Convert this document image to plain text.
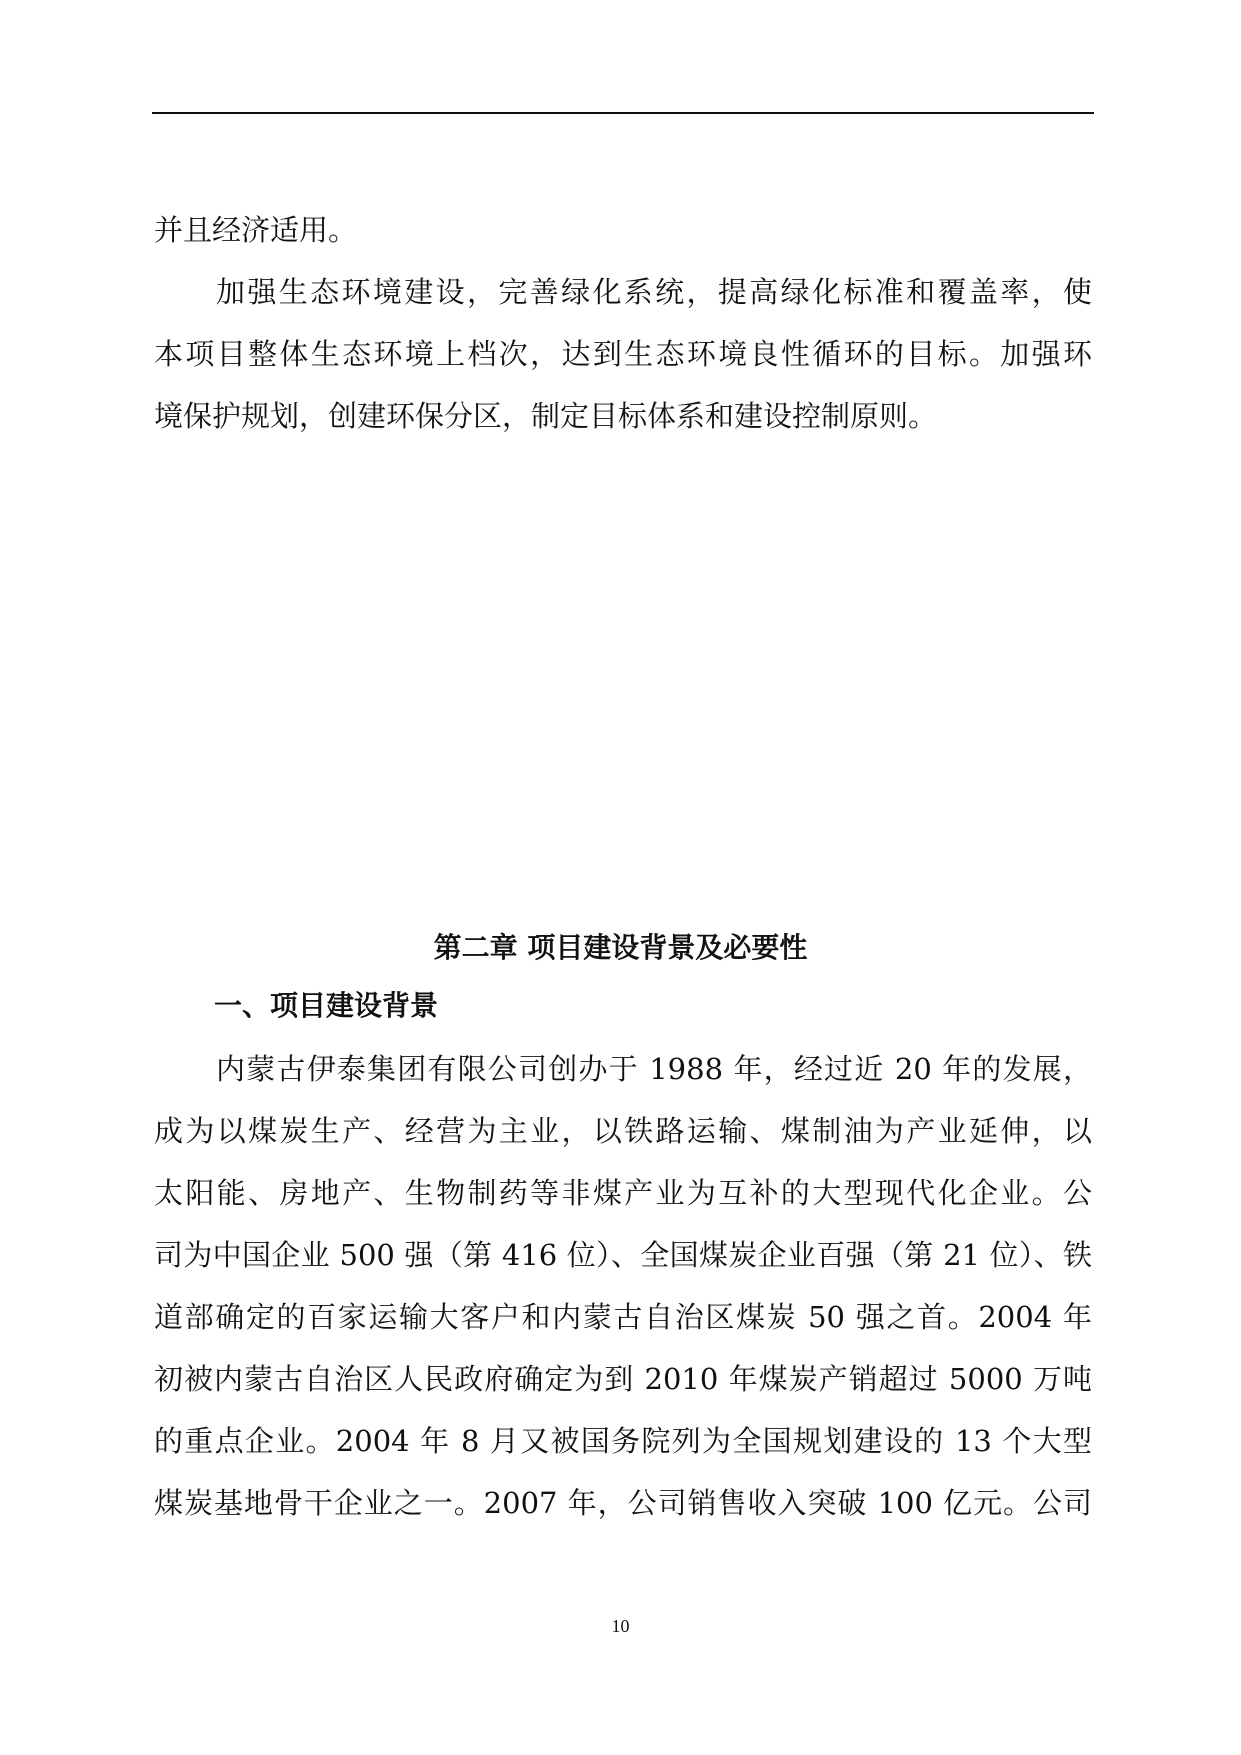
并且经济适用。
加强生态环境建设，完善绿化系统，提高绿化标准和覆盖率，使
本项目整体生态环境上档次，达到生态环境良性循环的目标。加强环
境保护规划，创建环保分区，制定目标体系和建设控制原则。
第二章 项目建设背景及必要性
一、项目建设背景
内蒙古伊泰集团有限公司创办于 1988 年，经过近 20 年的发展，
成为以煤炭生产、经营为主业，以铁路运输、煤制油为产业延伸，以
太阳能、房地产、生物制药等非煤产业为互补的大型现代化企业。公
司为中国企业 500 强（第 416 位）、全国煤炭企业百强（第 21 位）、铁
道部确定的百家运输大客户和内蒙古自治区煤炭 50 强之首。2004 年
初被内蒙古自治区人民政府确定为到 2010 年煤炭产销超过 5000 万吨
的重点企业。2004 年 8 月又被国务院列为全国规划建设的 13 个大型
煤炭基地骨干企业之一。2007 年，公司销售收入突破 100 亿元。公司
10
